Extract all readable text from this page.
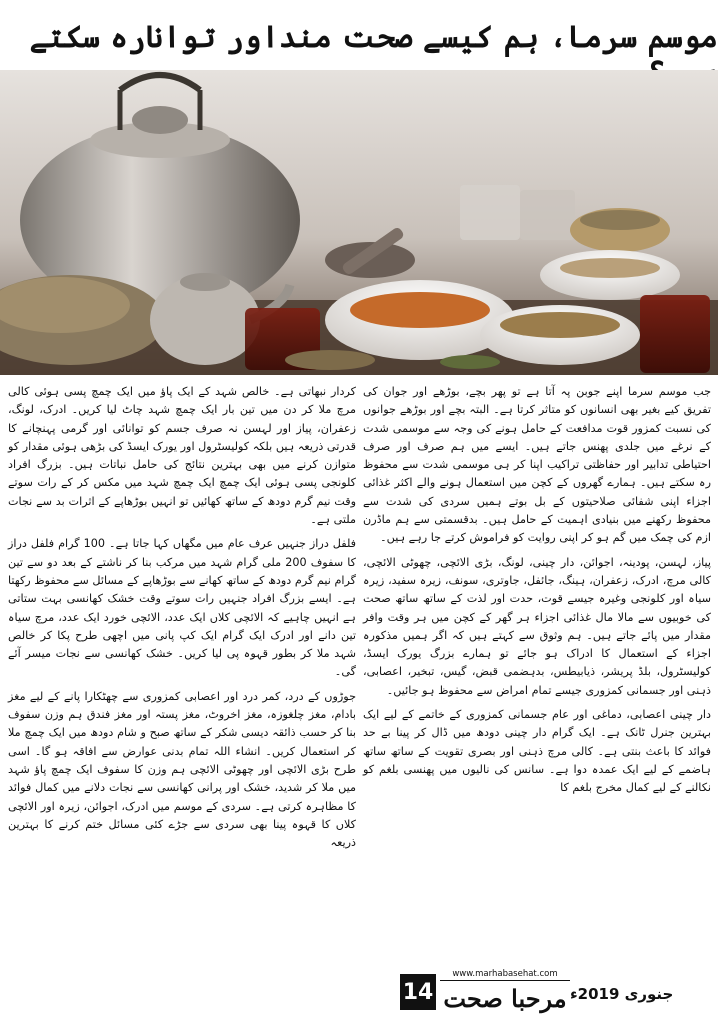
موسم سرما، ہم کیسے صحت منداور توانارہ سکتے

جب موسم سرما اپنے جوبن پہ آتا ہے تو پھر بچے، بوڑھے اور جوان کی تفریق کیے بغیر بھی انسانوں کو متاثر کرتا ہے۔ البتہ بچے اور بوڑھے جوانوں کی نسبت کمزور قوت مدافعت کے حامل ہونے کی وجہ سے موسمی شدت کے نرغے میں جلدی پھنس جاتے ہیں۔ ایسے میں ہم صرف اور صرف احتیاطی تدابیر اور حفاظتی تراکیب اپنا کر ہی موسمی شدت سے محفوظ رہ سکتے ہیں۔ ہمارے گھروں کے کچن میں استعمال ہونے والے اکثر غذائی اجزاء اپنی شفائی صلاحیتوں کے بل بوتے ہمیں سردی کی شدت سے محفوظ رکھنے میں بنیادی اہمیت کے حامل ہیں۔ بدقسمتی سے ہم ماڈرن ازم کی چمک میں گم ہو کر اپنی روایت کو فراموش کرتے جا رہے ہیں۔

پیاز، لہسن، پودینہ، اجوائن، دار چینی، لونگ، بڑی الائچی، چھوٹی الائچی، کالی مرچ، ادرک، زعفران، ہینگ، جائفل، جاوتری، سونف، زیرہ سفید، زیرہ سیاہ اور کلونجی وغیرہ جیسے قوت، حدت اور لذت کے ساتھ ساتھ صحت کی خوبیوں سے مالا مال غذائی اجزاء ہر گھر کے کچن میں ہر وقت وافر مقدار میں پائے جاتے ہیں۔ ہم وثوق سے کہتے ہیں کہ اگر ہمیں مذکورہ اجزاء کے استعمال کا ادراک ہو جائے تو ہمارے بزرگ یورک ایسڈ، کولیسٹرول، بلڈ پریشر، ذیابیطس، بدہضمی قبض، گیس، تبخیر، اعصابی، ذہنی اور جسمانی کمزوری جیسے تمام امراض سے محفوظ ہو جائیں۔

دار چینی اعصابی، دماغی اور عام جسمانی کمزوری کے خاتمے کے لیے ایک بہترین جنرل ٹانک ہے۔ ایک گرام دار چینی دودھ میں ڈال کر پینا بے حد فوائد کا باعث بنتی ہے۔ کالی مرچ ذہنی اور بصری تقویت کے ساتھ ساتھ ہاضمے کے لیے ایک عمدہ دوا ہے۔ سانس کی نالیوں میں پھنسی بلغم کو نکالنے کے لیے کمال مخرج بلغم کا

کردار نبھاتی ہے۔ خالص شہد کے ایک پاؤ میں ایک چمچ پسی ہوئی کالی مرچ ملا کر دن میں تین بار ایک چمچ شہد چاٹ لیا کریں۔ ادرک، لونگ، زعفران، پیاز اور لہسن نہ صرف جسم کو توانائی اور گرمی پہنچانے کا قدرتی ذریعہ ہیں بلکہ کولیسٹرول اور یورک ایسڈ کی بڑھی ہوئی مقدار کو متوازن کرنے میں بھی بہترین نتائج کی حامل نباتات ہیں۔ بزرگ افراد کلونجی پسی ہوئی ایک چمچ ایک چمچ شہد میں مکس کر کے رات سوتے وقت نیم گرم دودھ کے ساتھ کھائیں تو انہیں بوڑھاپے کے اثرات بد سے نجات ملتی ہے۔

فلفل دراز جنہیں عرف عام میں مگھاں کہا جاتا ہے۔ 100 گرام فلفل دراز کا سفوف 200 ملی گرام شہد میں مرکب بنا کر ناشتے کے بعد دو سے تین گرام نیم گرم دودھ کے ساتھ کھانے سے بوڑھاپے کے مسائل سے محفوظ رکھتا ہے۔ ایسے بزرگ افراد جنہیں رات سوتے وقت خشک کھانسی بہت ستاتی ہے انہیں چاہیے کہ الائچی کلاں ایک عدد، الائچی خورد ایک عدد، مرچ سیاہ تین دانے اور ادرک ایک گرام ایک کپ پانی میں اچھی طرح پکا کر خالص شہد ملا کر بطور قہوہ پی لیا کریں۔ خشک کھانسی سے نجات میسر آئے گی۔

جوڑوں کے درد، کمر درد اور اعصابی کمزوری سے چھٹکارا پانے کے لیے مغز بادام، مغز چلغوزہ، مغز اخروٹ، مغز پستہ اور مغز فندق ہم وزن سفوف بنا کر حسب ذائقہ دیسی شکر کے ساتھ صبح و شام دودھ میں ایک چمچ ملا کر استعمال کریں۔ انشاء اللہ تمام بدنی عوارض سے افاقہ ہو گا۔ اسی طرح بڑی الائچی اور چھوٹی الائچی ہم وزن کا سفوف ایک چمچ پاؤ شہد میں ملا کر شدید، خشک اور پرانی کھانسی سے نجات دلانے میں کمال فوائد کا مظاہرہ کرتی ہے۔ سردی کے موسم میں ادرک، اجوائن، زیرہ اور الائچی کلاں کا قہوہ پینا بھی سردی سے جڑے کئی مسائل ختم کرنے کا بہترین ذریعہ

جنوری 2019ء
www.marhabasehat.com
مرحبا صحت
14
